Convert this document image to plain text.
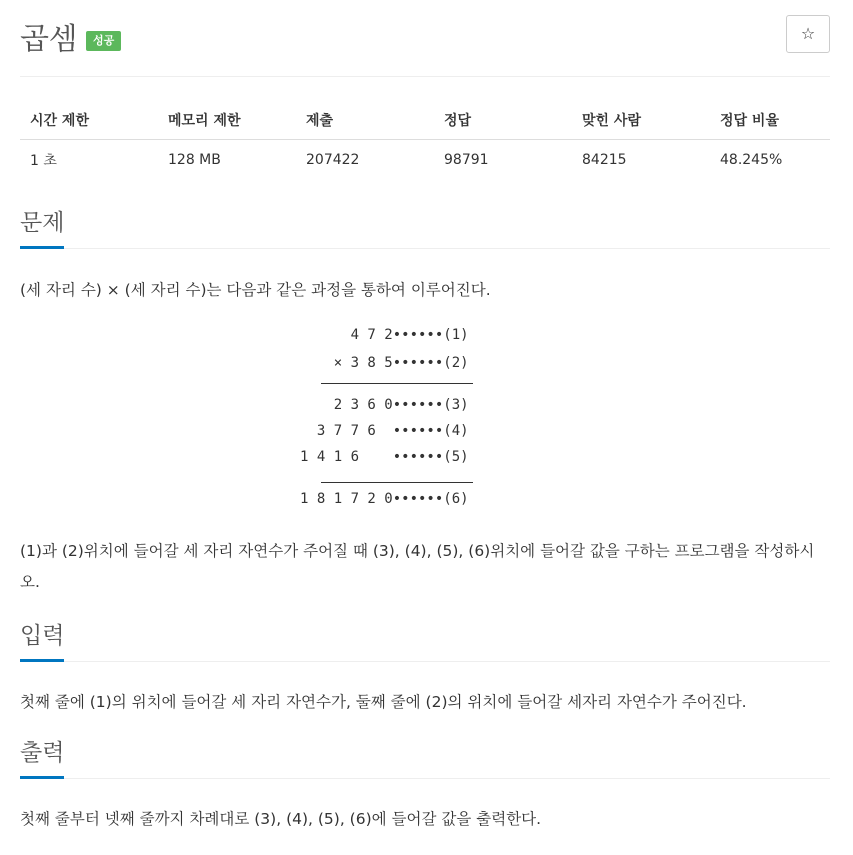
곱셈	성공	☆
시간 제한	메모리 제한	제출	정답	맞힌 사람	정답 비율
1 초	128 MB	207422	98791	84215	48.245%
문제
(세 자리 수) × (세 자리 수)는 다음과 같은 과정을 통하여 이루어진다.
4 7 2••••••(1)
× 3 8 5••••••(2)
2 3 6 0••••••(3)
3 7 7 6  ••••••(4)
1 4 1 6    ••••••(5)
1 8 1 7 2 0••••••(6)
(1)과 (2)위치에 들어갈 세 자리 자연수가 주어질 때 (3), (4), (5), (6)위치에 들어갈 값을 구하는 프로그램을 작성하시오.
입력
첫째 줄에 (1)의 위치에 들어갈 세 자리 자연수가, 둘째 줄에 (2)의 위치에 들어갈 세자리 자연수가 주어진다.
출력
첫째 줄부터 넷째 줄까지 차례대로 (3), (4), (5), (6)에 들어갈 값을 출력한다.
